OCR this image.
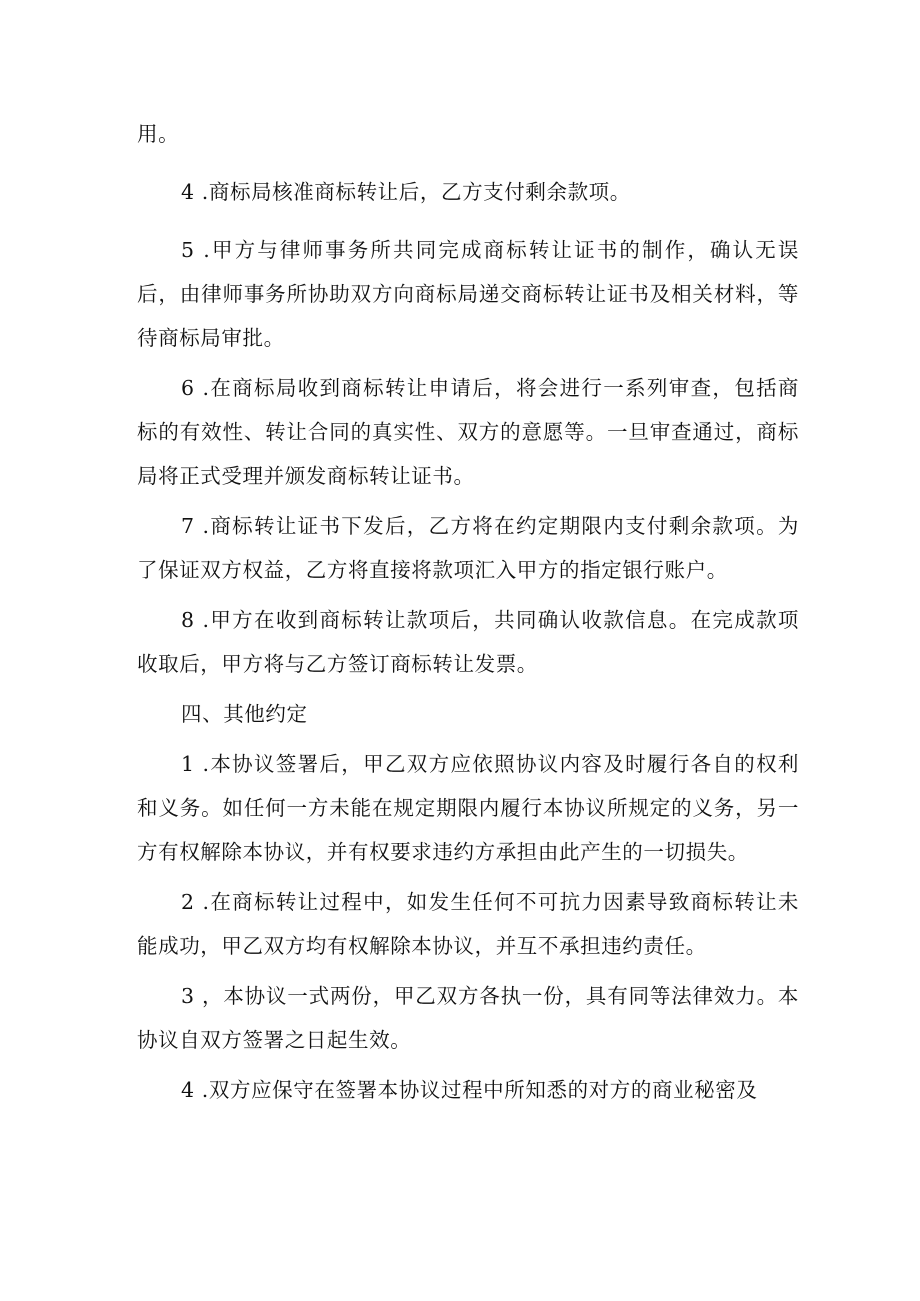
用。

4 .商标局核准商标转让后，乙方支付剩余款项。

5 .甲方与律师事务所共同完成商标转让证书的制作，确认无误后，由律师事务所协助双方向商标局递交商标转让证书及相关材料，等待商标局审批。

6 .在商标局收到商标转让申请后，将会进行一系列审查，包括商标的有效性、转让合同的真实性、双方的意愿等。一旦审查通过，商标局将正式受理并颁发商标转让证书。

7 .商标转让证书下发后，乙方将在约定期限内支付剩余款项。为了保证双方权益，乙方将直接将款项汇入甲方的指定银行账户。

8 .甲方在收到商标转让款项后，共同确认收款信息。在完成款项收取后，甲方将与乙方签订商标转让发票。

四、其他约定

1 .本协议签署后，甲乙双方应依照协议内容及时履行各自的权利和义务。如任何一方未能在规定期限内履行本协议所规定的义务，另一方有权解除本协议，并有权要求违约方承担由此产生的一切损失。

2 .在商标转让过程中，如发生任何不可抗力因素导致商标转让未能成功，甲乙双方均有权解除本协议，并互不承担违约责任。

3 ，本协议一式两份，甲乙双方各执一份，具有同等法律效力。本协议自双方签署之日起生效。

4 .双方应保守在签署本协议过程中所知悉的对方的商业秘密及
